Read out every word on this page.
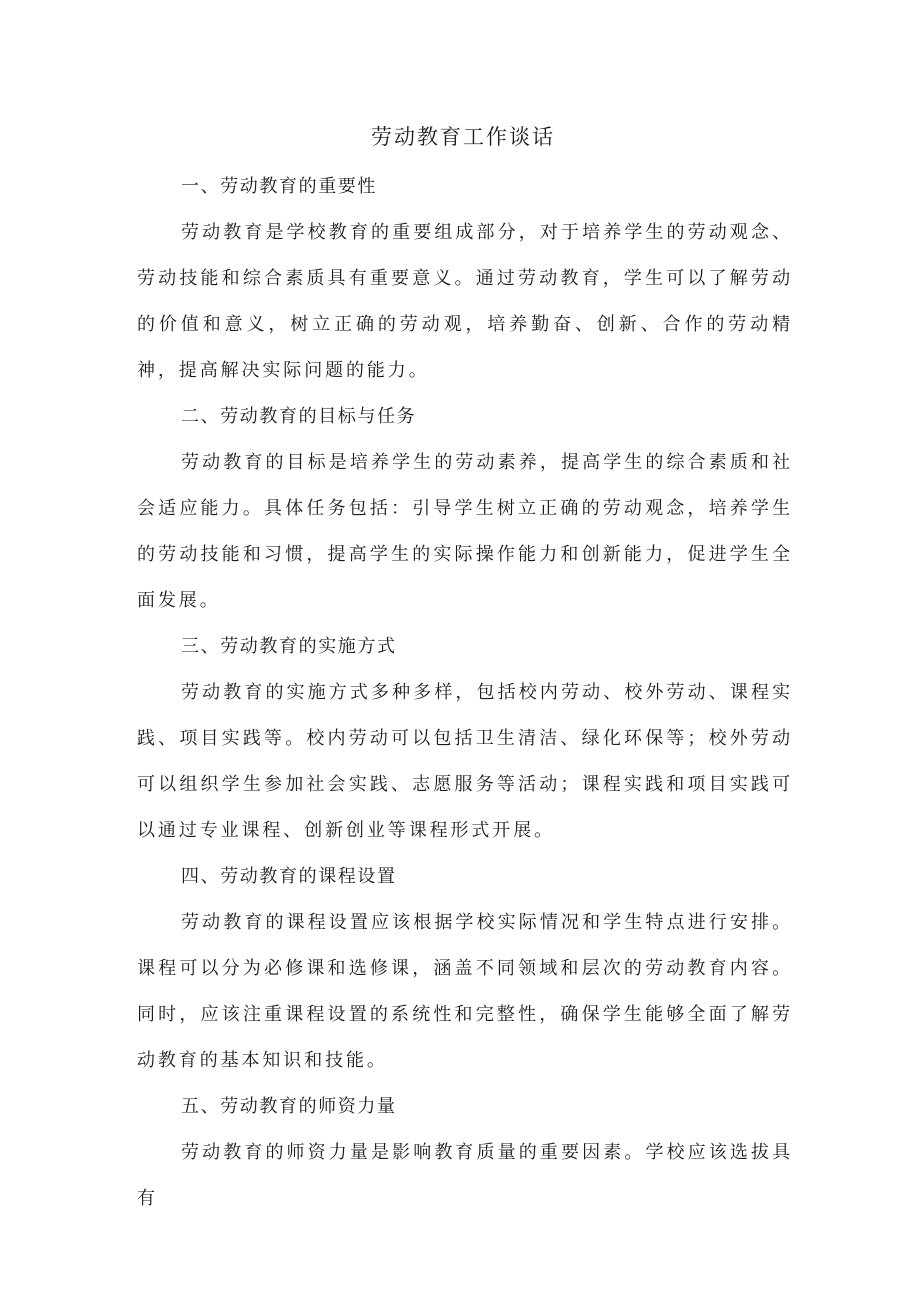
劳动教育工作谈话
一、劳动教育的重要性

劳动教育是学校教育的重要组成部分，对于培养学生的劳动观念、劳动技能和综合素质具有重要意义。通过劳动教育，学生可以了解劳动的价值和意义，树立正确的劳动观，培养勤奋、创新、合作的劳动精神，提高解决实际问题的能力。

二、劳动教育的目标与任务

劳动教育的目标是培养学生的劳动素养，提高学生的综合素质和社会适应能力。具体任务包括：引导学生树立正确的劳动观念，培养学生的劳动技能和习惯，提高学生的实际操作能力和创新能力，促进学生全面发展。

三、劳动教育的实施方式

劳动教育的实施方式多种多样，包括校内劳动、校外劳动、课程实践、项目实践等。校内劳动可以包括卫生清洁、绿化环保等；校外劳动可以组织学生参加社会实践、志愿服务等活动；课程实践和项目实践可以通过专业课程、创新创业等课程形式开展。

四、劳动教育的课程设置

劳动教育的课程设置应该根据学校实际情况和学生特点进行安排。课程可以分为必修课和选修课，涵盖不同领域和层次的劳动教育内容。同时，应该注重课程设置的系统性和完整性，确保学生能够全面了解劳动教育的基本知识和技能。

五、劳动教育的师资力量

劳动教育的师资力量是影响教育质量的重要因素。学校应该选拔具有
